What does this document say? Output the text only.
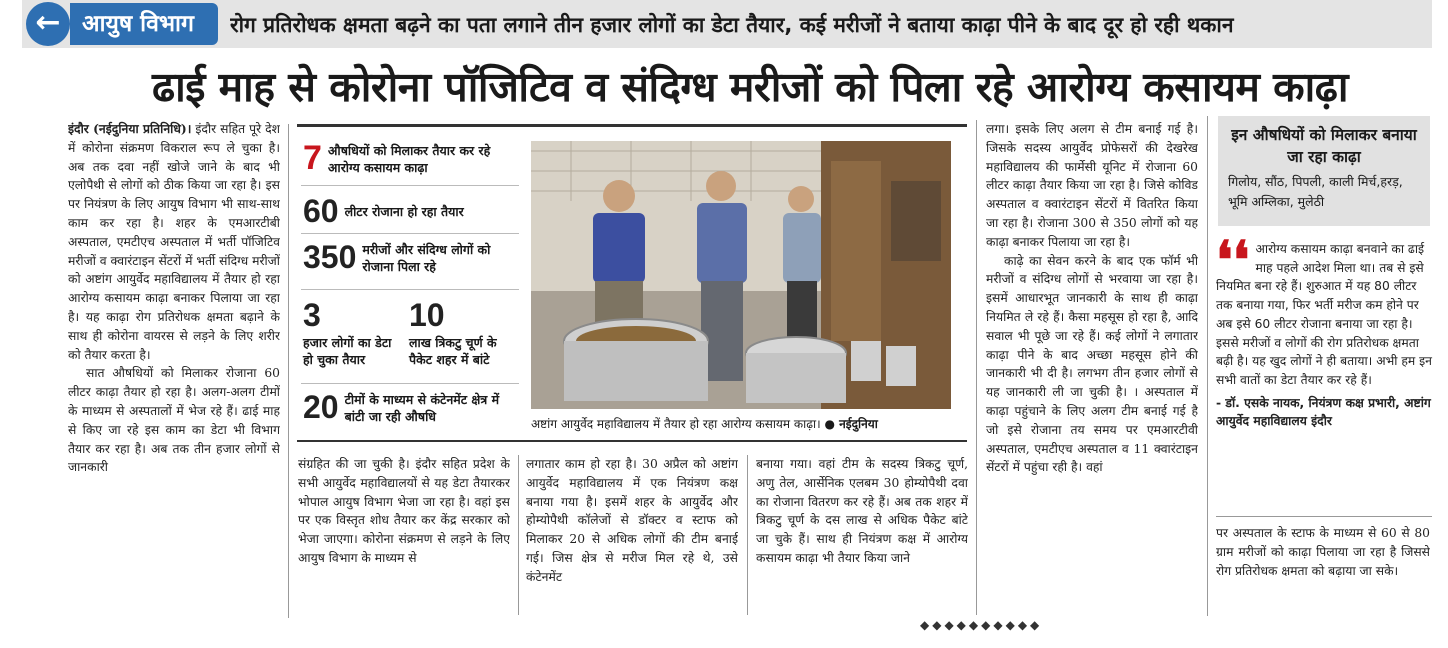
← आयुष विभाग	रोग प्रतिरोधक क्षमता बढ़ने का पता लगाने तीन हजार लोगों का डेटा तैयार, कई मरीजों ने बताया काढ़ा पीने के बाद दूर हो रही थकान
ढाई माह से कोरोना पॉजिटिव व संदिग्ध मरीजों को पिला रहे आरोग्य कसायम काढ़ा

इंदौर (नईदुनिया प्रतिनिधि)। इंदौर सहित पूरे देश में कोरोना संक्रमण विकराल रूप ले चुका है। अब तक दवा नहीं खोजे जाने के बाद भी एलोपैथी से लोगों को ठीक किया जा रहा है। इस पर नियंत्रण के लिए आयुष विभाग भी साथ-साथ काम कर रहा है। शहर के एमआरटीबी अस्पताल, एमटीएच अस्पताल में भर्ती पॉजिटिव मरीजों व क्वारंटाइन सेंटरों में भर्ती संदिग्ध मरीजों को अष्टांग आयुर्वेद महाविद्यालय में तैयार हो रहा आरोग्य कसायम काढ़ा बनाकर पिलाया जा रहा है। यह काढ़ा रोग प्रतिरोधक क्षमता बढ़ाने के साथ ही कोरोना वायरस से लड़ने के लिए शरीर को तैयार करता है।

सात औषधियों को मिलाकर रोजाना 60 लीटर काढ़ा तैयार हो रहा है। अलग-अलग टीमों के माध्यम से अस्पतालों में भेज रहे हैं। ढाई माह से किए जा रहे इस काम का डेटा भी विभाग तैयार कर रहा है। अब तक तीन हजार लोगों से जानकारी

7 औषधियों को मिलाकर तैयार कर रहे आरोग्य कसायम काढ़ा
60 लीटर रोजाना हो रहा तैयार
350 मरीजों और संदिग्ध लोगों को रोजाना पिला रहे
3
हजार लोगों का डेटा हो चुका तैयार
10
लाख त्रिकटु चूर्ण के पैकेट शहर में बांटे
20 टीमों के माध्यम से कंटेनमेंट क्षेत्र में बांटी जा रही औषधि
अष्टांग आयुर्वेद महाविद्यालय में तैयार हो रहा आरोग्य कसायम काढ़ा। ● नईदुनिया

संग्रहित की जा चुकी है। इंदौर सहित प्रदेश के सभी आयुर्वेद महाविद्यालयों से यह डेटा तैयारकर भोपाल आयुष विभाग भेजा जा रहा है। वहां इस पर एक विस्तृत शोध तैयार कर केंद्र सरकार को भेजा जाएगा। कोरोना संक्रमण से लड़ने के लिए आयुष विभाग के माध्यम से

लगातार काम हो रहा है। 30 अप्रैल को अष्टांग आयुर्वेद महाविद्यालय में एक नियंत्रण कक्ष बनाया गया है। इसमें शहर के आयुर्वेद और होम्योपैथी कॉलेजों से डॉक्टर व स्टाफ को मिलाकर 20 से अधिक लोगों की टीम बनाई गई। जिस क्षेत्र से मरीज मिल रहे थे, उसे कंटेनमेंट

बनाया गया। वहां टीम के सदस्य त्रिकटु चूर्ण, अणु तेल, आर्सेनिक एलबम 30 होम्योपैथी दवा का रोजाना वितरण कर रहे हैं। अब तक शहर में त्रिकटु चूर्ण के दस लाख से अधिक पैकेट बांटे जा चुके हैं। साथ ही नियंत्रण कक्ष में आरोग्य कसायम काढ़ा भी तैयार किया जाने

लगा। इसके लिए अलग से टीम बनाई गई है। जिसके सदस्य आयुर्वेद प्रोफेसरों की देखरेख महाविद्यालय की फार्मेसी यूनिट में रोजाना 60 लीटर काढ़ा तैयार किया जा रहा है। जिसे कोविड अस्पताल व क्वारंटाइन सेंटरों में वितरित किया जा रहा है। रोजाना 300 से 350 लोगों को यह काढ़ा बनाकर पिलाया जा रहा है।

काढ़े का सेवन करने के बाद एक फॉर्म भी मरीजों व संदिग्ध लोगों से भरवाया जा रहा है। इसमें आधारभूत जानकारी के साथ ही काढ़ा नियमित ले रहे हैं। कैसा महसूस हो रहा है, आदि सवाल भी पूछे जा रहे हैं। कई लोगों ने लगातार काढ़ा पीने के बाद अच्छा महसूस होने की जानकारी भी दी है। लगभग तीन हजार लोगों से यह जानकारी ली जा चुकी है। । अस्पताल में काढ़ा पहुंचाने के लिए अलग टीम बनाई गई है जो इसे रोजाना तय समय पर एमआरटीवी अस्पताल, एमटीएच अस्पताल व 11 क्वारंटाइन सेंटरों में पहुंचा रही है। वहां

इन औषधियों को मिलाकर बनाया जा रहा काढ़ा
गिलोय, सौंठ, पिपली, काली मिर्च,हरड़, भूमि अम्लिका, मुलेठी
❛❛ आरोग्य कसायम काढ़ा बनवाने का ढाई माह पहले आदेश मिला था। तब से इसे नियमित बना रहे हैं। शुरुआत में यह 80 लीटर तक बनाया गया, फिर भर्ती मरीज कम होने पर अब इसे 60 लीटर रोजाना बनाया जा रहा है। इससे मरीजों व लोगों की रोग प्रतिरोधक क्षमता बढ़ी है। यह खुद लोगों ने ही बताया। अभी हम इन सभी वातों का डेटा तैयार कर रहे हैं।
- डॉ. एसके नायक, नियंत्रण कक्ष प्रभारी, अष्टांग आयुर्वेद महाविद्यालय इंदौर

पर अस्पताल के स्टाफ के माध्यम से 60 से 80 ग्राम मरीजों को काढ़ा पिलाया जा रहा है जिससे रोग प्रतिरोधक क्षमता को बढ़ाया जा सके।

◆◆◆◆◆◆◆◆◆◆
